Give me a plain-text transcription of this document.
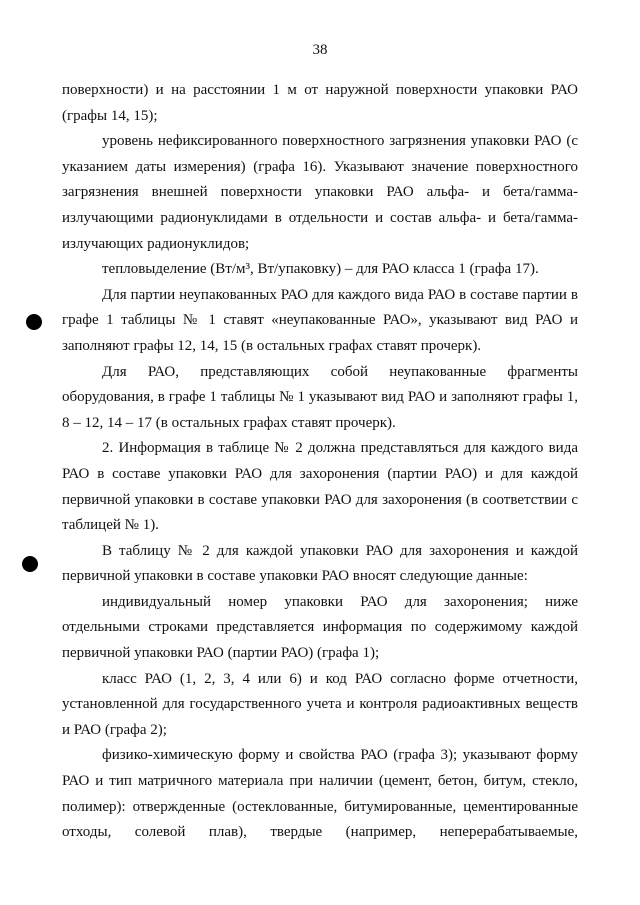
38

поверхности) и на расстоянии 1 м от наружной поверхности упаковки РАО (графы 14, 15);

уровень нефиксированного поверхностного загрязнения упаковки РАО (с указанием даты измерения) (графа 16). Указывают значение поверхностного загрязнения внешней поверхности упаковки РАО альфа- и бета/гамма-излучающими радионуклидами в отдельности и состав альфа- и бета/гамма-излучающих радионуклидов;

тепловыделение (Вт/м³, Вт/упаковку) – для РАО класса 1 (графа 17).

Для партии неупакованных РАО для каждого вида РАО в составе партии в графе 1 таблицы № 1 ставят «неупакованные РАО», указывают вид РАО и заполняют графы 12, 14, 15 (в остальных графах ставят прочерк).

Для РАО, представляющих собой неупакованные фрагменты оборудования, в графе 1 таблицы № 1 указывают вид РАО и заполняют графы 1, 8 – 12, 14 – 17 (в остальных графах ставят прочерк).

2. Информация в таблице № 2 должна представляться для каждого вида РАО в составе упаковки РАО для захоронения (партии РАО) и для каждой первичной упаковки в составе упаковки РАО для захоронения (в соответствии с таблицей № 1).

В таблицу № 2 для каждой упаковки РАО для захоронения и каждой первичной упаковки в составе упаковки РАО вносят следующие данные:

индивидуальный номер упаковки РАО для захоронения; ниже отдельными строками представляется информация по содержимому каждой первичной упаковки РАО (партии РАО) (графа 1);

класс РАО (1, 2, 3, 4 или 6) и код РАО согласно форме отчетности, установленной для государственного учета и контроля радиоактивных веществ и РАО (графа 2);

физико-химическую форму и свойства РАО (графа 3); указывают форму РАО и тип матричного материала при наличии (цемент, бетон, битум, стекло, полимер): отвержденные (остеклованные, битумированные, цементированные отходы, солевой плав), твердые (например, неперерабатываемые,
